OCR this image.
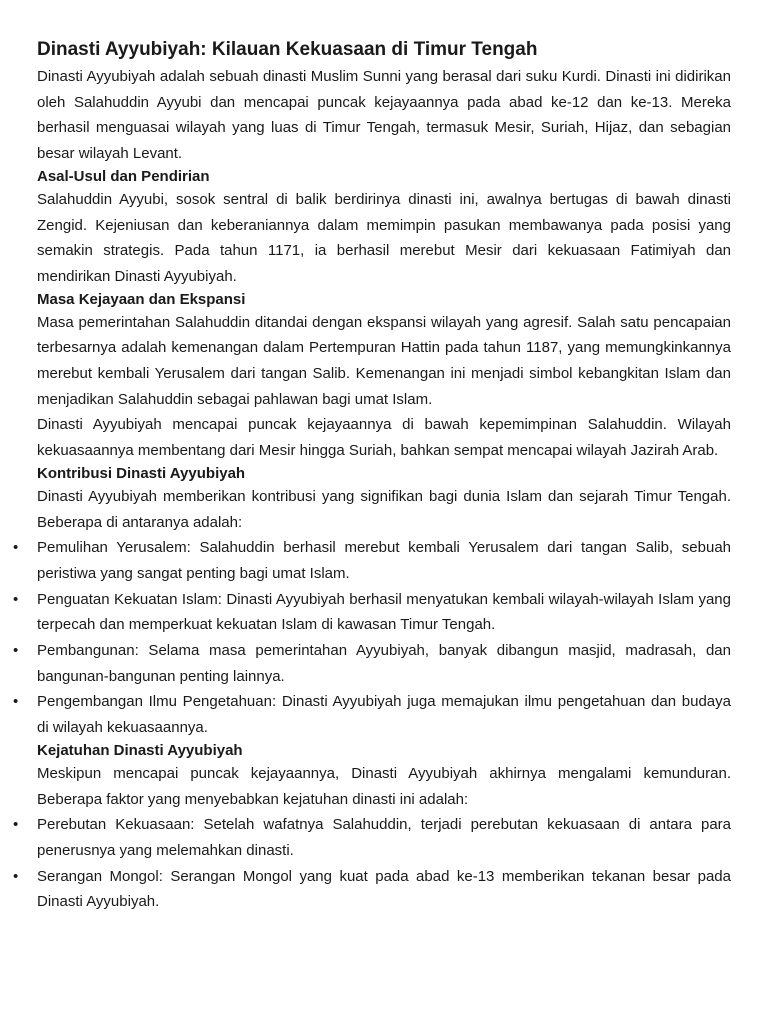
Dinasti Ayyubiyah: Kilauan Kekuasaan di Timur Tengah

Dinasti Ayyubiyah adalah sebuah dinasti Muslim Sunni yang berasal dari suku Kurdi. Dinasti ini didirikan oleh Salahuddin Ayyubi dan mencapai puncak kejayaannya pada abad ke-12 dan ke-13. Mereka berhasil menguasai wilayah yang luas di Timur Tengah, termasuk Mesir, Suriah, Hijaz, dan sebagian besar wilayah Levant.

Asal-Usul dan Pendirian

Salahuddin Ayyubi, sosok sentral di balik berdirinya dinasti ini, awalnya bertugas di bawah dinasti Zengid. Kejeniusan dan keberaniannya dalam memimpin pasukan membawanya pada posisi yang semakin strategis. Pada tahun 1171, ia berhasil merebut Mesir dari kekuasaan Fatimiyah dan mendirikan Dinasti Ayyubiyah.

Masa Kejayaan dan Ekspansi

Masa pemerintahan Salahuddin ditandai dengan ekspansi wilayah yang agresif. Salah satu pencapaian terbesarnya adalah kemenangan dalam Pertempuran Hattin pada tahun 1187, yang memungkinkannya merebut kembali Yerusalem dari tangan Salib. Kemenangan ini menjadi simbol kebangkitan Islam dan menjadikan Salahuddin sebagai pahlawan bagi umat Islam.

Dinasti Ayyubiyah mencapai puncak kejayaannya di bawah kepemimpinan Salahuddin. Wilayah kekuasaannya membentang dari Mesir hingga Suriah, bahkan sempat mencapai wilayah Jazirah Arab.

Kontribusi Dinasti Ayyubiyah

Dinasti Ayyubiyah memberikan kontribusi yang signifikan bagi dunia Islam dan sejarah Timur Tengah. Beberapa di antaranya adalah:

• Pemulihan Yerusalem: Salahuddin berhasil merebut kembali Yerusalem dari tangan Salib, sebuah peristiwa yang sangat penting bagi umat Islam.

• Penguatan Kekuatan Islam: Dinasti Ayyubiyah berhasil menyatukan kembali wilayah-wilayah Islam yang terpecah dan memperkuat kekuatan Islam di kawasan Timur Tengah.

• Pembangunan: Selama masa pemerintahan Ayyubiyah, banyak dibangun masjid, madrasah, dan bangunan-bangunan penting lainnya.

• Pengembangan Ilmu Pengetahuan: Dinasti Ayyubiyah juga memajukan ilmu pengetahuan dan budaya di wilayah kekuasaannya.

Kejatuhan Dinasti Ayyubiyah

Meskipun mencapai puncak kejayaannya, Dinasti Ayyubiyah akhirnya mengalami kemunduran. Beberapa faktor yang menyebabkan kejatuhan dinasti ini adalah:

• Perebutan Kekuasaan: Setelah wafatnya Salahuddin, terjadi perebutan kekuasaan di antara para penerusnya yang melemahkan dinasti.

• Serangan Mongol: Serangan Mongol yang kuat pada abad ke-13 memberikan tekanan besar pada Dinasti Ayyubiyah.
